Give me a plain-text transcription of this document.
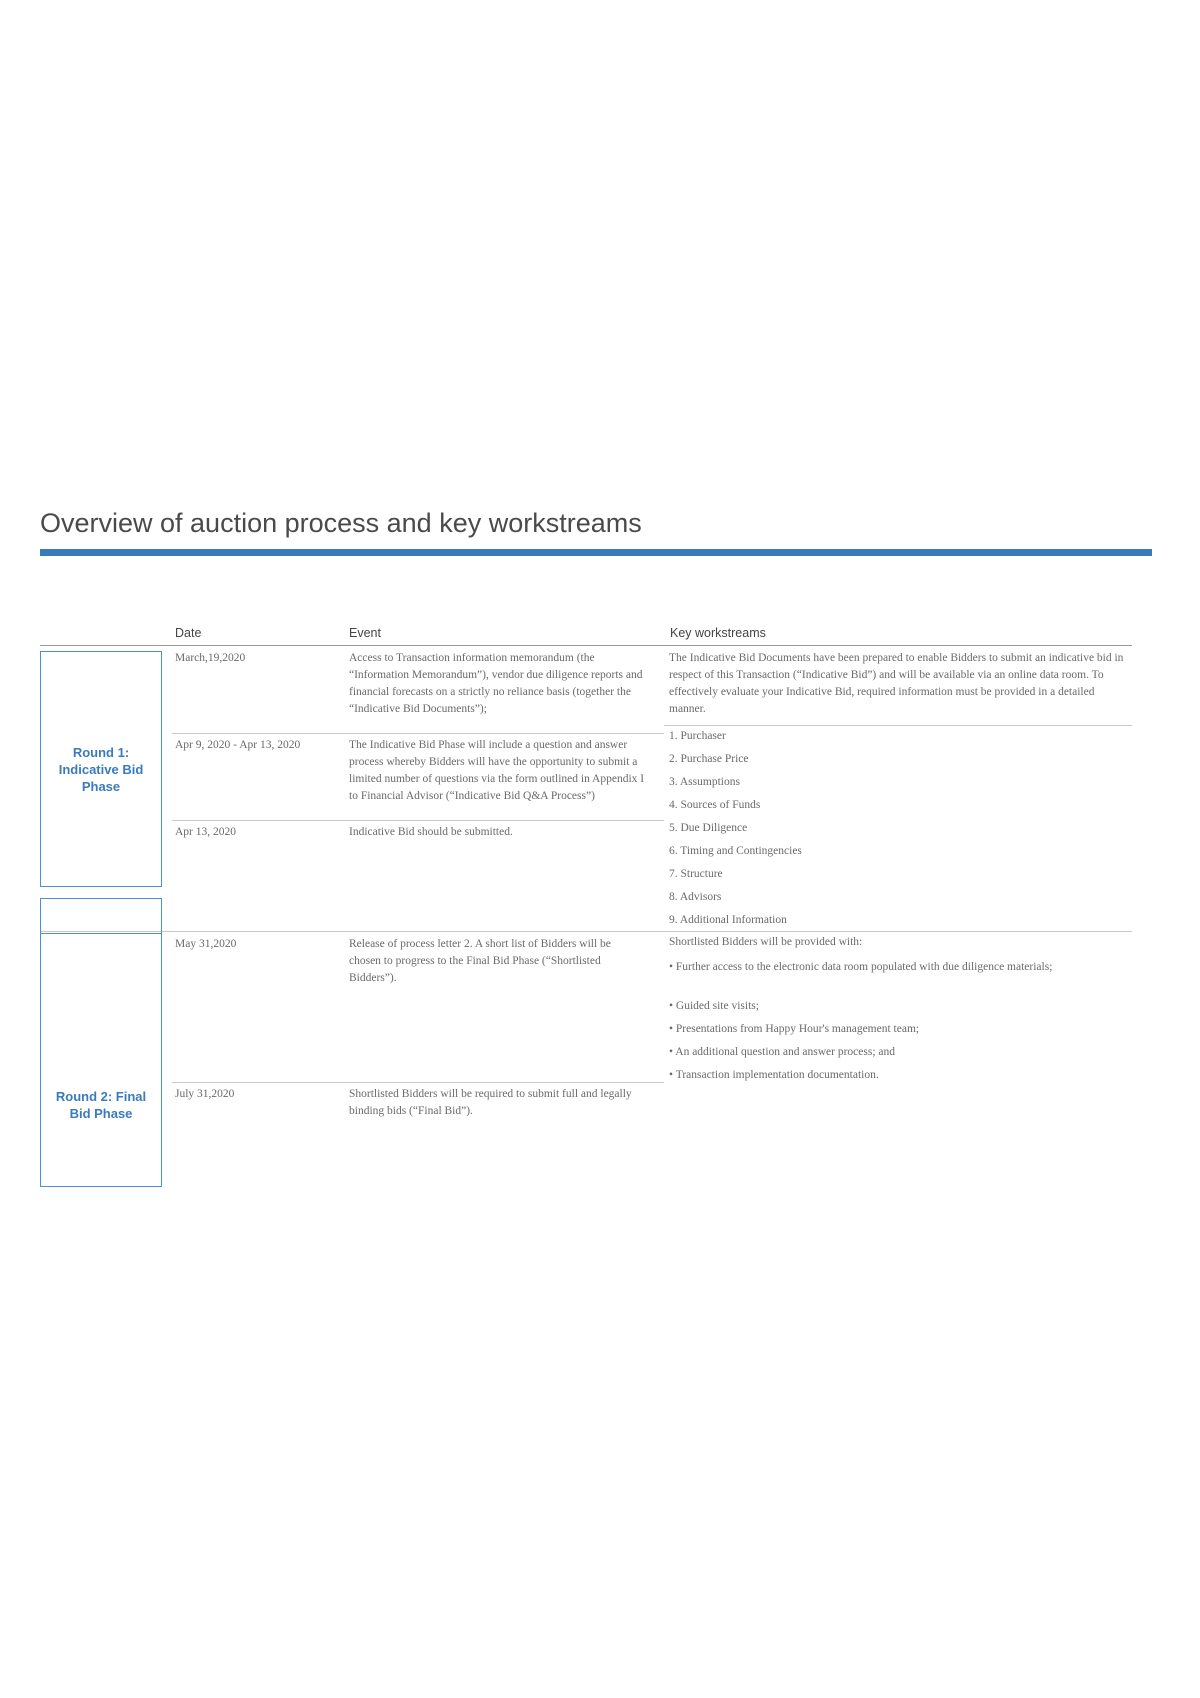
Overview of auction process and key workstreams
Date	Event	Key workstreams
Round 1: Indicative Bid Phase
Round 2: Final Bid Phase
March,19,2020
Apr 9, 2020 - Apr 13, 2020
Apr 13, 2020
May 31,2020
July 31,2020
Access to Transaction information memorandum (the “Information Memorandum”), vendor due diligence reports and financial forecasts on a strictly no reliance basis (together the “Indicative Bid Documents”);
The Indicative Bid Phase will include a question and answer process whereby Bidders will have the opportunity to submit a limited number of questions via the form outlined in Appendix I to Financial Advisor (“Indicative Bid Q&A Process”)
Indicative Bid should be submitted.
Release of process letter 2. A short list of Bidders will be chosen to progress to the Final Bid Phase (“Shortlisted Bidders”).
Shortlisted Bidders will be required to submit full and legally binding bids (“Final Bid”).
The Indicative Bid Documents have been prepared to enable Bidders to submit an indicative bid in respect of this Transaction (“Indicative Bid”) and will be available via an online data room. To effectively evaluate your Indicative Bid, required information must be provided in a detailed manner.
1. Purchaser
2. Purchase Price
3. Assumptions
4. Sources of Funds
5. Due Diligence
6. Timing and Contingencies
7. Structure
8. Advisors
9. Additional Information
Shortlisted Bidders will be provided with:
• Further access to the electronic data room populated with due diligence materials;
• Guided site visits;
• Presentations from Happy Hour's management team;
• An additional question and answer process; and
• Transaction implementation documentation.
